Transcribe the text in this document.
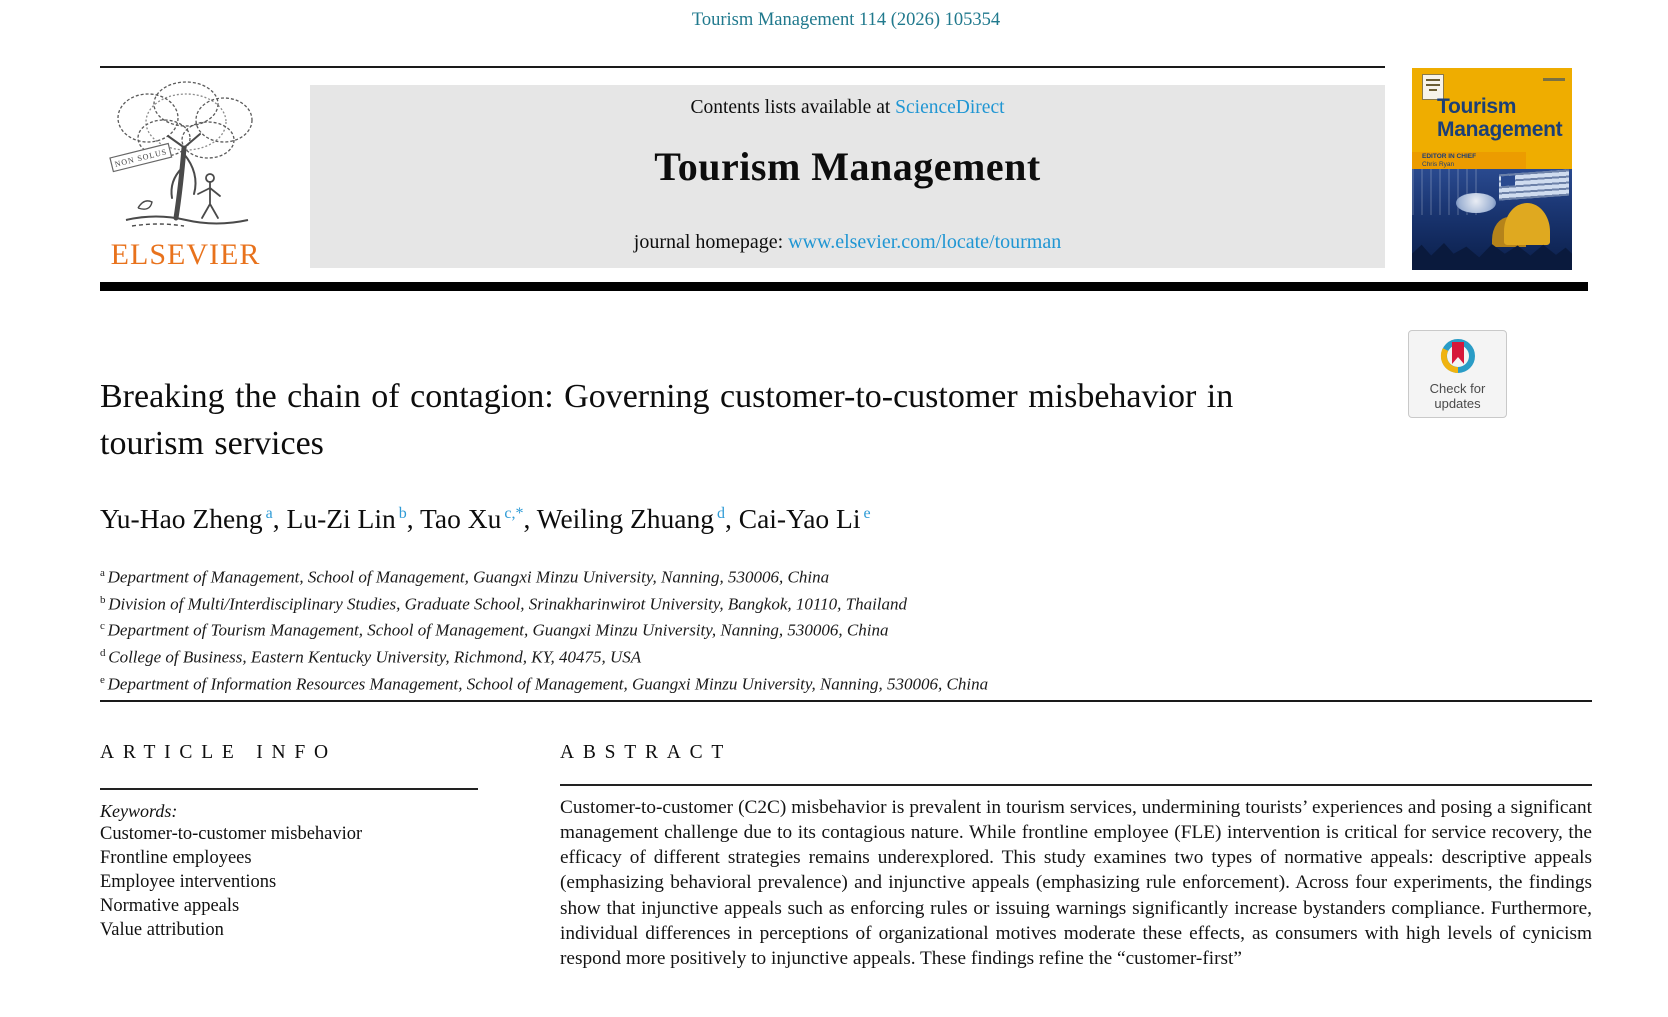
Tourism Management 114 (2026) 105354
Contents lists available at ScienceDirect
Tourism Management
journal homepage: www.elsevier.com/locate/tourman
NON SOLUS
ELSEVIER
Tourism
Management
EDITOR IN CHIEF
Chris Ryan
Check for
updates
Breaking the chain of contagion: Governing customer-to-customer misbehavior in tourism services
Yu-Hao Zheng $^a$, Lu-Zi Lin $^b$, Tao Xu $^{c,*}$, Weiling Zhuang $^d$, Cai-Yao Li $^e$
$^a$ Department of Management, School of Management, Guangxi Minzu University, Nanning, 530006, China
$^b$ Division of Multi/Interdisciplinary Studies, Graduate School, Srinakharinwirot University, Bangkok, 10110, Thailand
$^c$ Department of Tourism Management, School of Management, Guangxi Minzu University, Nanning, 530006, China
$^d$ College of Business, Eastern Kentucky University, Richmond, KY, 40475, USA
$^e$ Department of Information Resources Management, School of Management, Guangxi Minzu University, Nanning, 530006, China
ARTICLE INFO
Keywords:
Customer-to-customer misbehavior
Frontline employees
Employee interventions
Normative appeals
Value attribution
ABSTRACT
Customer-to-customer (C2C) misbehavior is prevalent in tourism services, undermining tourists’ experiences and posing a significant management challenge due to its contagious nature. While frontline employee (FLE) intervention is critical for service recovery, the efficacy of different strategies remains underexplored. This study examines two types of normative appeals: descriptive appeals (emphasizing behavioral prevalence) and injunctive appeals (emphasizing rule enforcement). Across four experiments, the findings show that injunctive appeals such as enforcing rules or issuing warnings significantly increase bystanders compliance. Furthermore, individual differences in perceptions of organizational motives moderate these effects, as consumers with high levels of cynicism respond more positively to injunctive appeals. These findings refine the “customer-first”
